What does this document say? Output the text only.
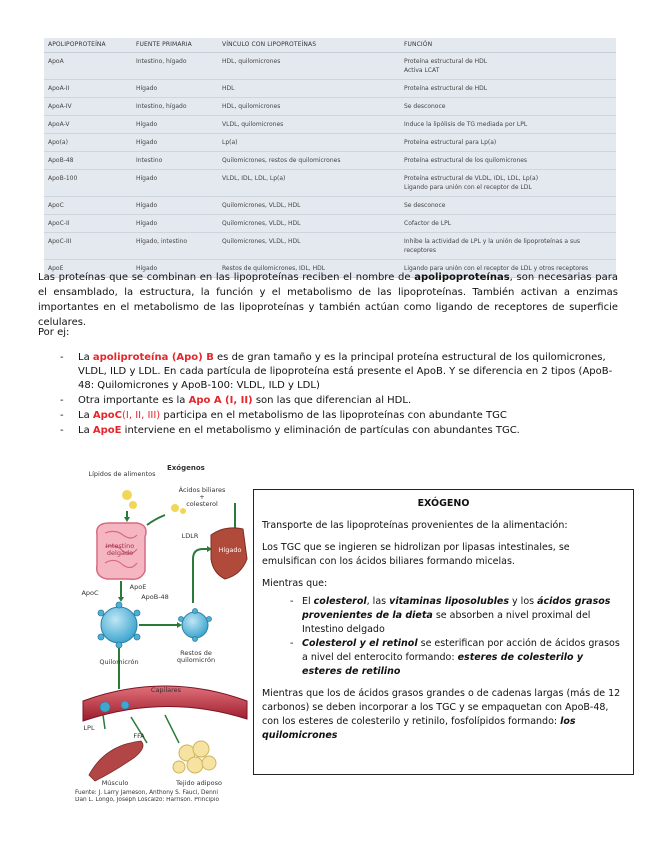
APOLIPOPROTEÍNA	FUENTE PRIMARIA	VÍNCULO CON LIPOPROTEÍNAS	FUNCIÓN
ApoA	Intestino, hígado	HDL, quilomicrones	Proteína estructural de HDL
Activa LCAT
ApoA-II	Hígado	HDL	Proteína estructural de HDL
ApoA-IV	Intestino, hígado	HDL, quilomicrones	Se desconoce
ApoA-V	Hígado	VLDL, quilomicrones	Induce la lipólisis de TG mediada por LPL
Apo(a)	Hígado	Lp(a)	Proteína estructural para Lp(a)
ApoB-48	Intestino	Quilomicrones, restos de quilomicrones	Proteína estructural de los quilomicrones
ApoB-100	Hígado	VLDL, IDL, LDL, Lp(a)	Proteína estructural de VLDL, IDL, LDL, Lp(a)
Ligando para unión con el receptor de LDL
ApoC	Hígado	Quilomicrones, VLDL, HDL	Se desconoce
ApoC-II	Hígado	Quilomicrones, VLDL, HDL	Cofactor de LPL
ApoC-III	Hígado, intestino	Quilomicrones, VLDL, HDL	Inhibe la actividad de LPL y la unión de lipoproteínas a sus receptores
ApoE	Hígado	Restos de quilomicrones, IDL, HDL	Ligando para unión con el receptor de LDL y otros receptores
Las proteínas que se combinan en las lipoproteínas reciben el nombre de apolipoproteínas, son necesarias para el ensamblado, la estructura, la función y el metabolismo de las lipoproteínas. También activan a enzimas importantes en el metabolismo de las lipoproteínas y también actúan como ligando de receptores de superficie celulares.
Por ej:
- La apoliproteína (Apo) B es de gran tamaño y es la principal proteína estructural de los quilomicrones, VLDL, ILD y LDL. En cada partícula de lipoproteína está presente el ApoB. Y se diferencia en 2 tipos (ApoB-48: Quilomicrones y ApoB-100: VLDL, ILD y LDL)
- Otra importante es la Apo A (I, II) son las que diferencian al HDL.
- La ApoC(I, II, III) participa en el metabolismo de las lipoproteínas con abundante TGC
- La ApoE interviene en el metabolismo y eliminación de partículas con abundantes TGC.
Exógenos
Lípidos de alimentos
Ácidos biliares
+
colesterol
Intestino delgado
LDLR
Hígado
ApoC
ApoE
ApoB-48
Quilomicrón
Restos de quilomicrón
Capilares
LPL
FFA
Músculo	Tejido adiposo
Fuente: J. Larry Jameson, Anthony S. Fauci, Denni
Dan L. Longo, Joseph Loscalzo: Harrison. Principio
EXÓGENO

Transporte de las lipoproteínas provenientes de la alimentación:

Los TGC que se ingieren se hidrolizan por lipasas intestinales, se emulsifican con los ácidos biliares formando micelas.

Mientras que:

- El colesterol, las vitaminas liposolubles y los ácidos grasos provenientes de la dieta se absorben a nivel proximal del Intestino delgado
- Colesterol y el retinol se esterifican por acción de ácidos grasos a nivel del enterocito formando: esteres de colesterilo y esteres de retilino

Mientras que los de ácidos grasos grandes o de cadenas largas (más de 12 carbonos) se deben incorporar a los TGC y se empaquetan con ApoB-48, con los esteres de colesterilo y retinilo, fosfolípidos formando: los quilomicrones
